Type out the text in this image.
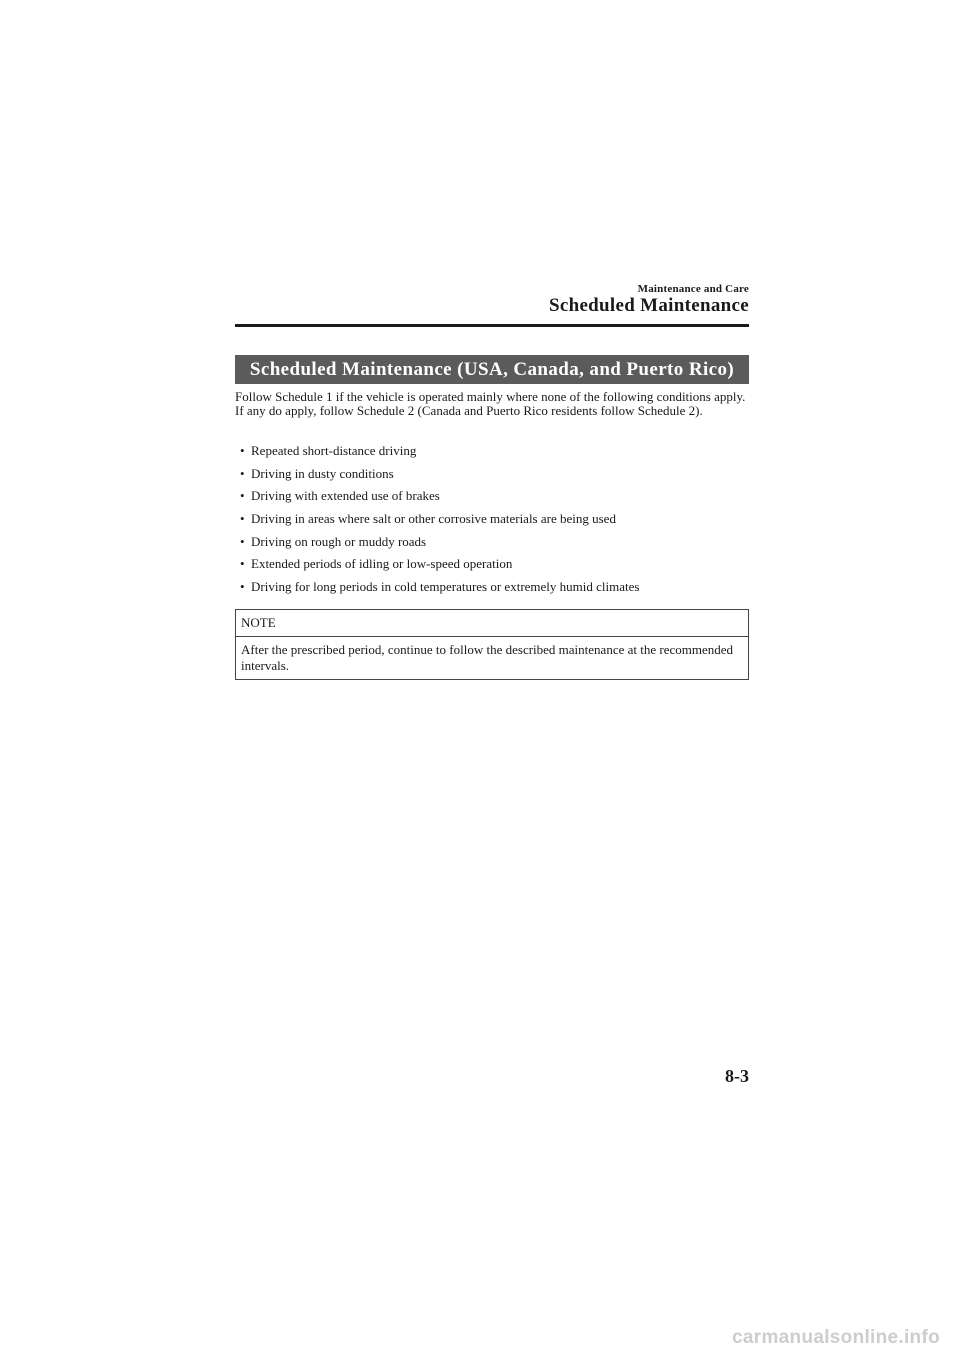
Maintenance and Care
Scheduled Maintenance
Scheduled Maintenance (USA, Canada, and Puerto Rico)

Follow Schedule 1 if the vehicle is operated mainly where none of the following conditions apply.

If any do apply, follow Schedule 2 (Canada and Puerto Rico residents follow Schedule 2).

• Repeated short-distance driving
• Driving in dusty conditions
• Driving with extended use of brakes
• Driving in areas where salt or other corrosive materials are being used
• Driving on rough or muddy roads
• Extended periods of idling or low-speed operation
• Driving for long periods in cold temperatures or extremely humid climates
NOTE
After the prescribed period, continue to follow the described maintenance at the recommended intervals.
8-3
carmanualsonline.info
